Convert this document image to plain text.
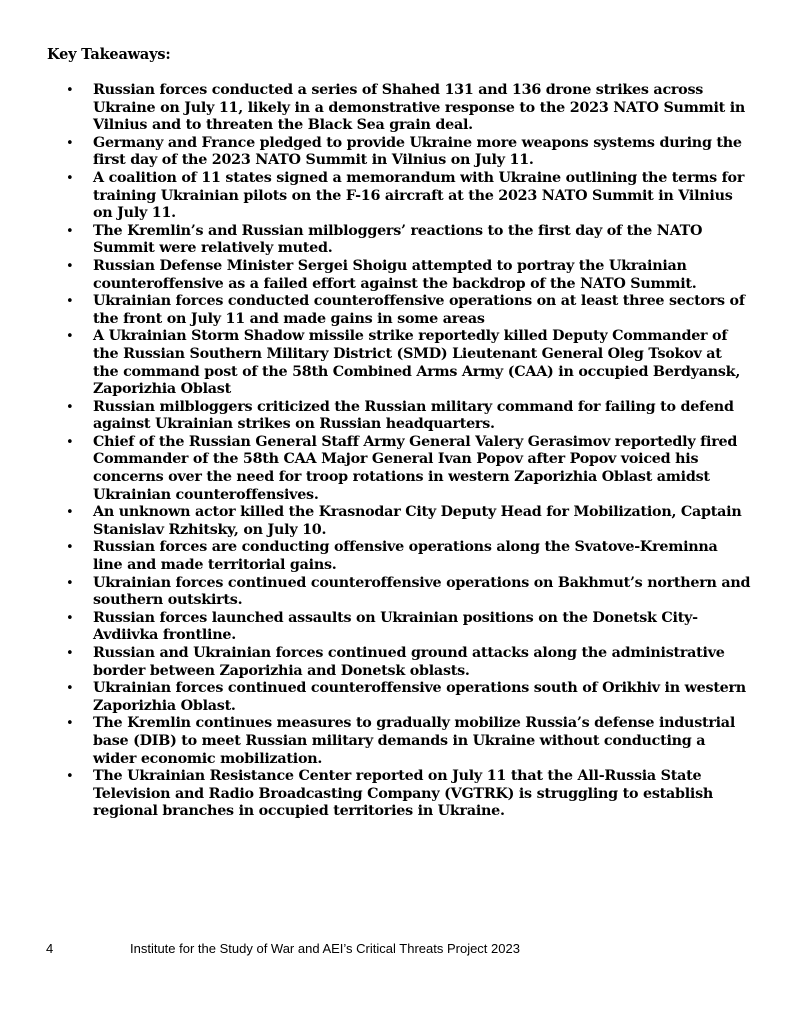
Key Takeaways:
• Russian forces conducted a series of Shahed 131 and 136 drone strikes across Ukraine on July 11, likely in a demonstrative response to the 2023 NATO Summit in Vilnius and to threaten the Black Sea grain deal.
• Germany and France pledged to provide Ukraine more weapons systems during the first day of the 2023 NATO Summit in Vilnius on July 11.
• A coalition of 11 states signed a memorandum with Ukraine outlining the terms for training Ukrainian pilots on the F-16 aircraft at the 2023 NATO Summit in Vilnius on July 11.
• The Kremlin’s and Russian milbloggers’ reactions to the first day of the NATO Summit were relatively muted.
• Russian Defense Minister Sergei Shoigu attempted to portray the Ukrainian counteroffensive as a failed effort against the backdrop of the NATO Summit.
• Ukrainian forces conducted counteroffensive operations on at least three sectors of the front on July 11 and made gains in some areas
• A Ukrainian Storm Shadow missile strike reportedly killed Deputy Commander of the Russian Southern Military District (SMD) Lieutenant General Oleg Tsokov at the command post of the 58th Combined Arms Army (CAA) in occupied Berdyansk, Zaporizhia Oblast
• Russian milbloggers criticized the Russian military command for failing to defend against Ukrainian strikes on Russian headquarters.
• Chief of the Russian General Staff Army General Valery Gerasimov reportedly fired Commander of the 58th CAA Major General Ivan Popov after Popov voiced his concerns over the need for troop rotations in western Zaporizhia Oblast amidst Ukrainian counteroffensives.
• An unknown actor killed the Krasnodar City Deputy Head for Mobilization, Captain Stanislav Rzhitsky, on July 10.
• Russian forces are conducting offensive operations along the Svatove-Kreminna line and made territorial gains.
• Ukrainian forces continued counteroffensive operations on Bakhmut’s northern and southern outskirts.
• Russian forces launched assaults on Ukrainian positions on the Donetsk City-Avdiivka frontline.
• Russian and Ukrainian forces continued ground attacks along the administrative border between Zaporizhia and Donetsk oblasts.
• Ukrainian forces continued counteroffensive operations south of Orikhiv in western Zaporizhia Oblast.
• The Kremlin continues measures to gradually mobilize Russia’s defense industrial base (DIB) to meet Russian military demands in Ukraine without conducting a wider economic mobilization.
• The Ukrainian Resistance Center reported on July 11 that the All-Russia State Television and Radio Broadcasting Company (VGTRK) is struggling to establish regional branches in occupied territories in Ukraine.
4	Institute for the Study of War and AEI’s Critical Threats Project 2023
